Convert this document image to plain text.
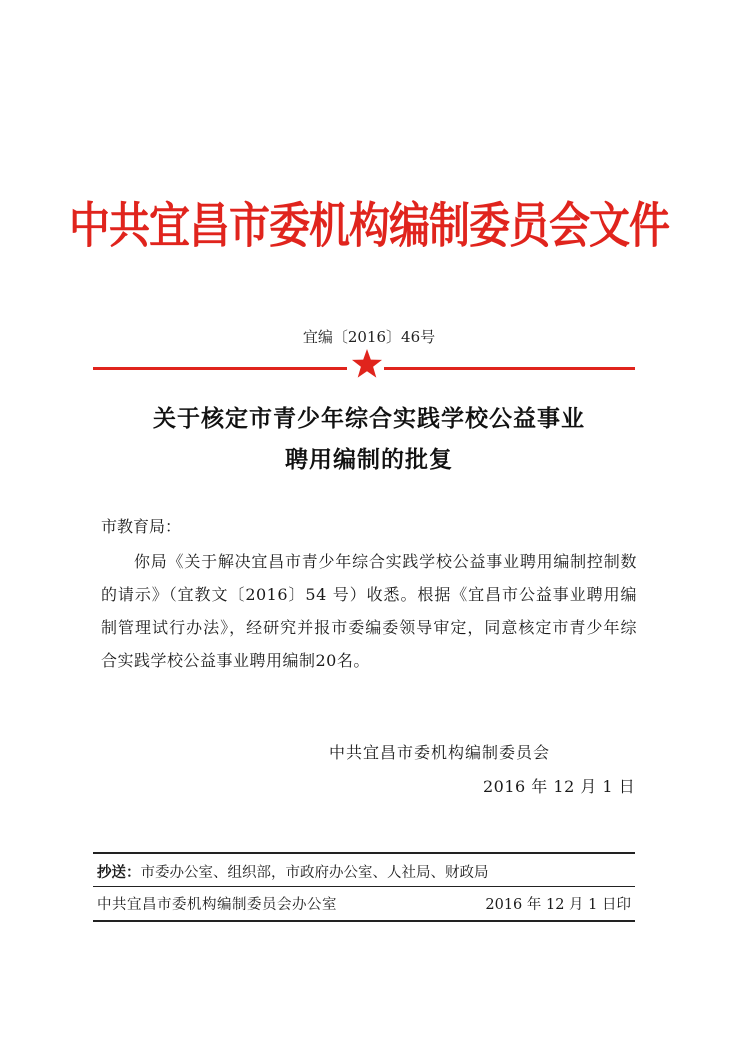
中共宜昌市委机构编制委员会文件
宜编〔2016〕46号
关于核定市青少年综合实践学校公益事业
聘用编制的批复
市教育局：
你局《关于解决宜昌市青少年综合实践学校公益事业聘用编制控制数的请示》（宜教文〔2016〕54 号）收悉。根据《宜昌市公益事业聘用编制管理试行办法》，经研究并报市委编委领导审定，同意核定市青少年综合实践学校公益事业聘用编制20名。
中共宜昌市委机构编制委员会
2016 年 12 月 1 日
抄送：市委办公室、组织部，市政府办公室、人社局、财政局
中共宜昌市委机构编制委员会办公室	2016 年 12 月 1 日印
